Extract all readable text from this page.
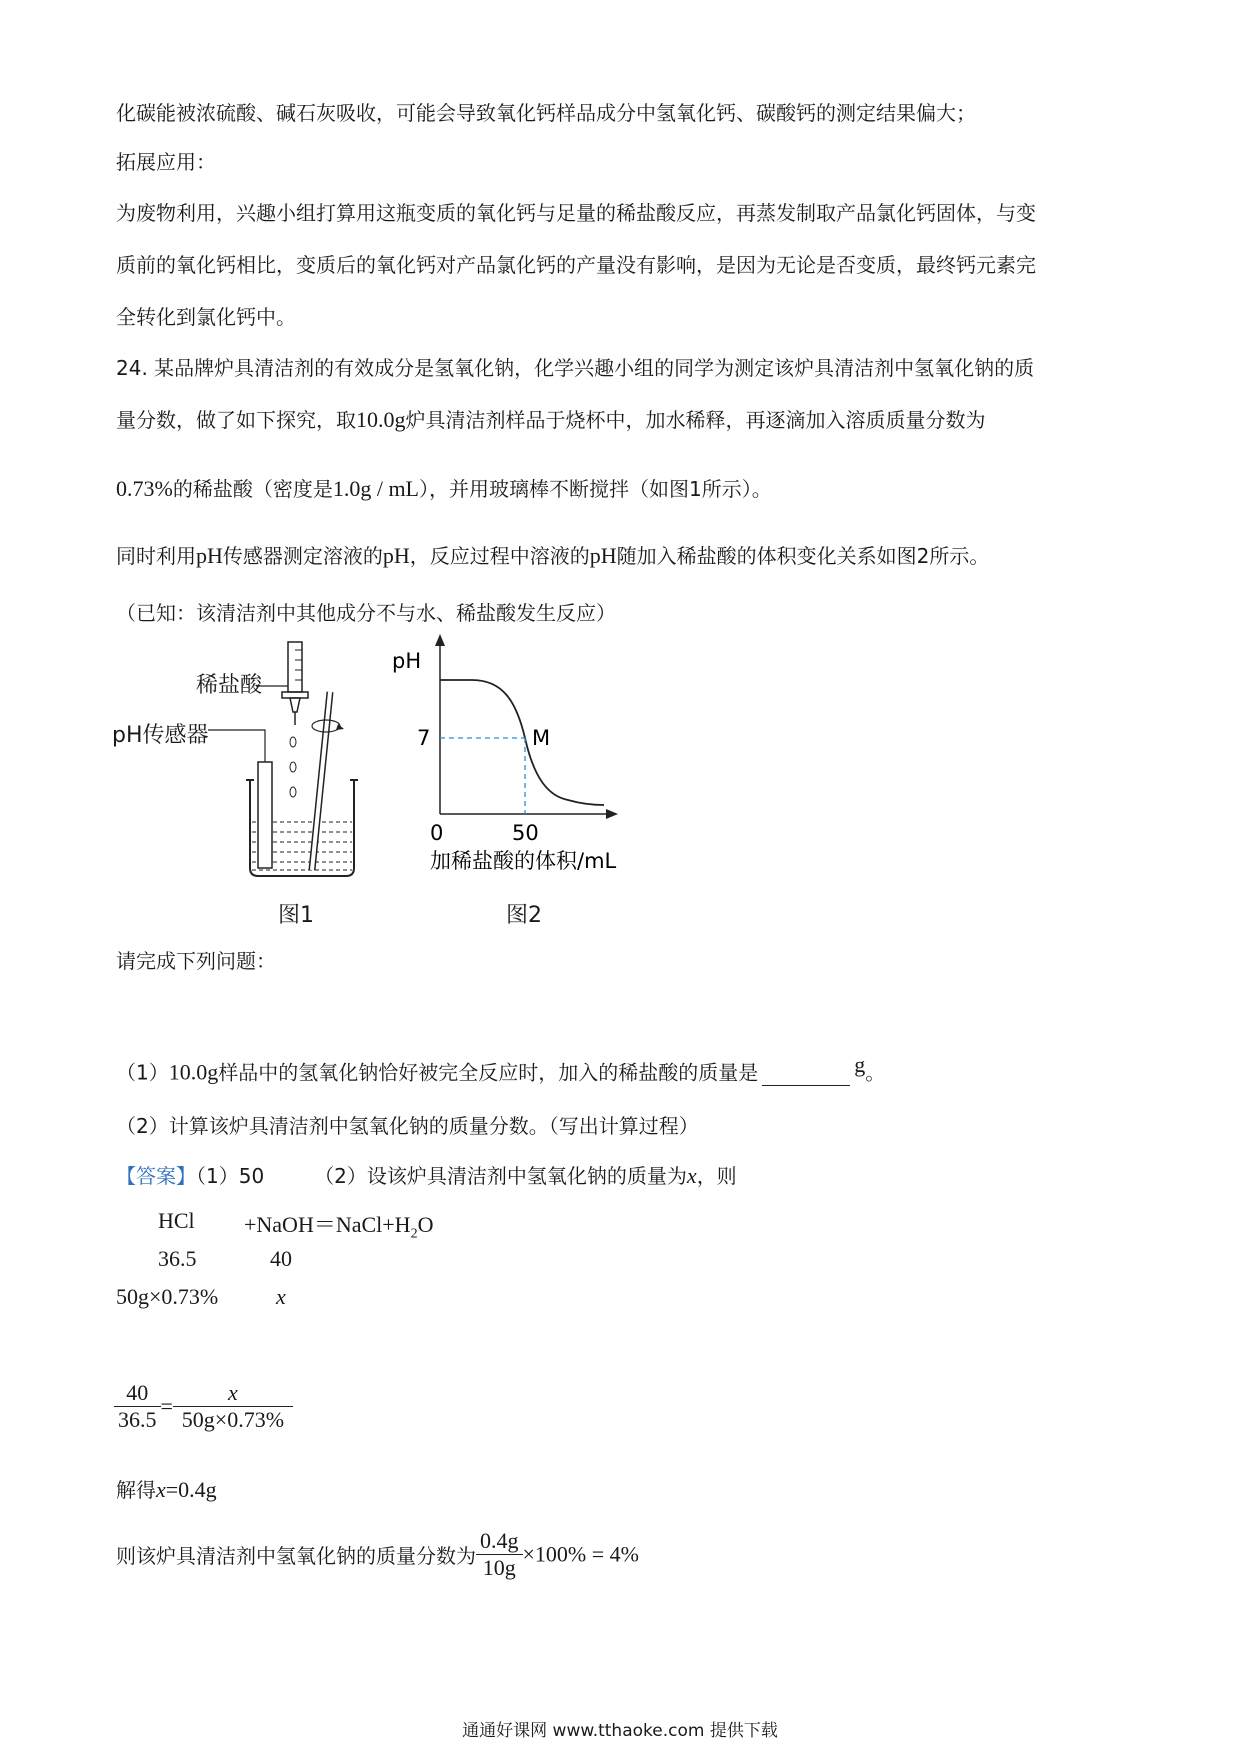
化碳能被浓硫酸、碱石灰吸收，可能会导致氧化钙样品成分中氢氧化钙、碳酸钙的测定结果偏大；
拓展应用：
为废物利用，兴趣小组打算用这瓶变质的氧化钙与足量的稀盐酸反应，再蒸发制取产品氯化钙固体，与变
质前的氧化钙相比，变质后的氧化钙对产品氯化钙的产量没有影响，是因为无论是否变质，最终钙元素完
全转化到氯化钙中。
24. 某品牌炉具清洁剂的有效成分是氢氧化钠，化学兴趣小组的同学为测定该炉具清洁剂中氢氧化钠的质
量分数，做了如下探究，取10.0g炉具清洁剂样品于烧杯中，加水稀释，再逐滴加入溶质质量分数为
0.73%的稀盐酸（密度是1.0g / mL），并用玻璃棒不断搅拌（如图1所示）。
同时利用pH传感器测定溶液的pH，反应过程中溶液的pH随加入稀盐酸的体积变化关系如图2所示。
（已知：该清洁剂中其他成分不与水、稀盐酸发生反应）
稀盐酸
pH传感器
图1
pH
7	M
0	50
加稀盐酸的体积/mL
图2
请完成下列问题：
（1）10.0g样品中的氢氧化钠恰好被完全反应时，加入的稀盐酸的质量是	g。
（2）计算该炉具清洁剂中氢氧化钠的质量分数。（写出计算过程）
【答案】（1）50	（2）设该炉具清洁剂中氢氧化钠的质量为x，则
HCl $+NaOH=NaCl+H_2O$
36.5	40
50g×0.73%	x
$\frac{40}{36.5} = \frac{x}{50g\times 0.73\%}$
解得x=0.4g
则该炉具清洁剂中氢氧化钠的质量分数为 $\frac{0.4g}{10g} \times 100\% = 4\%$
通通好课网 www.tthaoke.com 提供下载
